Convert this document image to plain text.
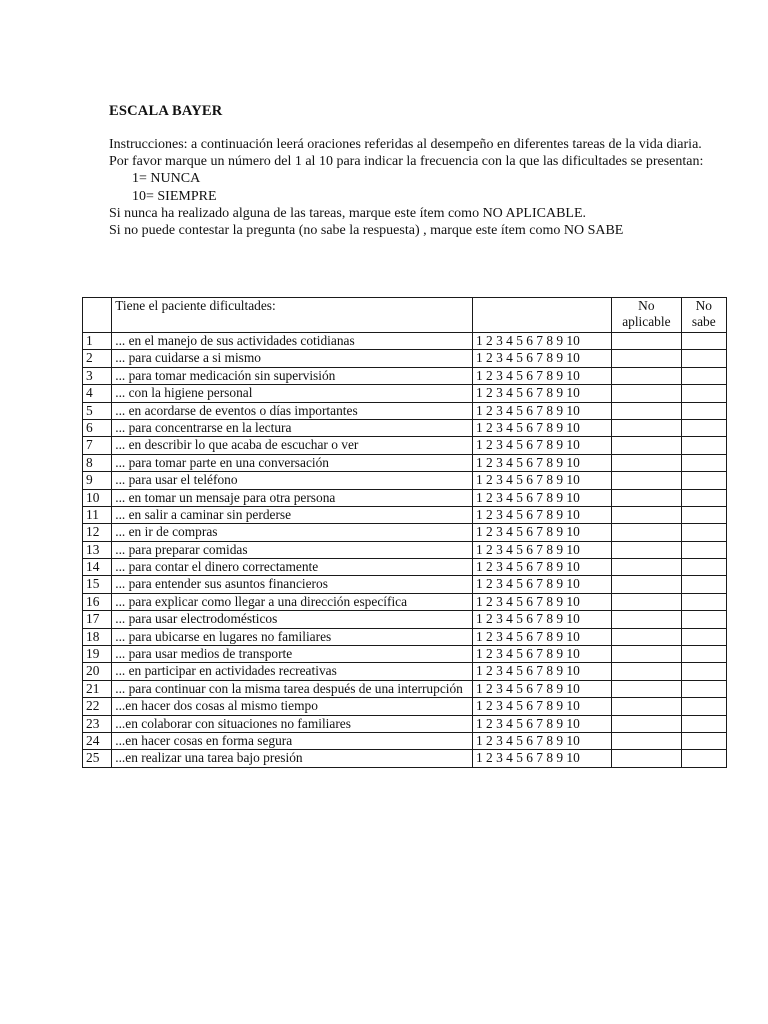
ESCALA BAYER

Instrucciones: a continuación leerá oraciones referidas al desempeño en diferentes tareas de la vida diaria. Por favor marque un número del 1 al 10 para indicar la frecuencia con la que las dificultades se presentan:

1= NUNCA

10= SIEMPRE

Si nunca ha realizado alguna de las tareas, marque este ítem como NO APLICABLE.

Si no puede contestar la pregunta (no sabe la respuesta) , marque este ítem como NO SABE

	Tiene el paciente dificultades:		No aplicable	No sabe
1	... en el manejo de sus actividades cotidianas	1 2 3 4 5 6 7 8 9 10		
2	... para cuidarse a si mismo	1 2 3 4 5 6 7 8 9 10		
3	... para tomar medicación sin supervisión	1 2 3 4 5 6 7 8 9 10		
4	... con la higiene personal	1 2 3 4 5 6 7 8 9 10		
5	... en acordarse de eventos o días importantes	1 2 3 4 5 6 7 8 9 10		
6	... para concentrarse en la lectura	1 2 3 4 5 6 7 8 9 10		
7	... en describir lo que acaba de escuchar o ver	1 2 3 4 5 6 7 8 9 10		
8	... para tomar parte en una conversación	1 2 3 4 5 6 7 8 9 10		
9	... para usar el teléfono	1 2 3 4 5 6 7 8 9 10		
10	... en tomar un mensaje para otra persona	1 2 3 4 5 6 7 8 9 10		
11	... en salir a caminar sin perderse	1 2 3 4 5 6 7 8 9 10		
12	... en ir de compras	1 2 3 4 5 6 7 8 9 10		
13	... para preparar comidas	1 2 3 4 5 6 7 8 9 10		
14	... para contar el dinero correctamente	1 2 3 4 5 6 7 8 9 10		
15	... para entender sus asuntos financieros	1 2 3 4 5 6 7 8 9 10		
16	... para explicar como llegar a una dirección específica	1 2 3 4 5 6 7 8 9 10		
17	... para usar electrodomésticos	1 2 3 4 5 6 7 8 9 10		
18	... para ubicarse en lugares no familiares	1 2 3 4 5 6 7 8 9 10		
19	... para usar medios de transporte	1 2 3 4 5 6 7 8 9 10		
20	... en participar en actividades recreativas	1 2 3 4 5 6 7 8 9 10		
21	... para continuar con la misma tarea después de una interrupción	1 2 3 4 5 6 7 8 9 10		
22	...en hacer dos cosas al mismo tiempo	1 2 3 4 5 6 7 8 9 10		
23	...en colaborar con situaciones no familiares	1 2 3 4 5 6 7 8 9 10		
24	...en hacer cosas en forma segura	1 2 3 4 5 6 7 8 9 10		
25	...en realizar una tarea bajo presión	1 2 3 4 5 6 7 8 9 10		
